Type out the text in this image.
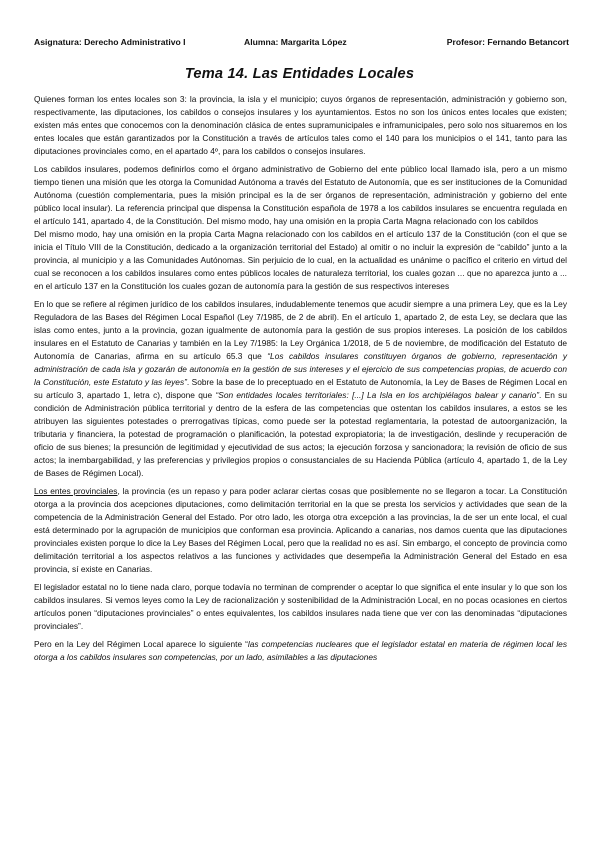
Asignatura: Derecho Administrativo I	Alumna: Margarita López	Profesor: Fernando Betancort
Tema 14. Las Entidades Locales

Quienes forman los entes locales son 3: la provincia, la isla y el municipio; cuyos órganos de representación, administración y gobierno son, respectivamente, las diputaciones, los cabildos o consejos insulares y los ayuntamientos. Estos no son los únicos entes locales que existen; existen más entes que conocemos con la denominación clásica de entes supramunicipales e inframunicipales, pero solo nos situaremos en los entes locales que están garantizados por la Constitución a través de artículos tales como el 140 para los municipios o el 141, tanto para las diputaciones provinciales como, en el apartado 4º, para los cabildos o consejos insulares.

Los cabildos insulares, podemos definirlos como el órgano administrativo de Gobierno del ente público local llamado isla, pero a un mismo tiempo tienen una misión que les otorga la Comunidad Autónoma a través del Estatuto de Autonomía, que es ser instituciones de la Comunidad Autónoma (cuestión complementaria, pues la misión principal es la de ser órganos de representación, administración y gobierno del ente público local insular). La referencia principal que dispensa la Constitución española de 1978 a los cabildos insulares se encuentra regulada en el artículo 141, apartado 4, de la Constitución. Del mismo modo, hay una omisión en la propia Carta Magna relacionado con los cabildos

Del mismo modo, hay una omisión en la propia Carta Magna relacionado con los cabildos en el artículo 137 de la Constitución (con el que se inicia el Título VIII de la Constitución, dedicado a la organización territorial del Estado) al omitir o no incluir la expresión de “cabildo” junto a la provincia, al municipio y a las Comunidades Autónomas. Sin perjuicio de lo cual, en la actualidad es unánime o pacífico el criterio en virtud del cual se reconocen a los cabildos insulares como entes públicos locales de naturaleza territorial, los cuales gozan ... que no aparezca junto a ... en el artículo 137 en la Constitución los cuales gozan de autonomía para la gestión de sus respectivos intereses

En lo que se refiere al régimen jurídico de los cabildos insulares, indudablemente tenemos que acudir siempre a una primera Ley, que es la Ley Reguladora de las Bases del Régimen Local Español (Ley 7/1985, de 2 de abril). En el artículo 1, apartado 2, de esta Ley, se declara que las islas como entes, junto a la provincia, gozan igualmente de autonomía para la gestión de sus propios intereses. La posición de los cabildos insulares en el Estatuto de Canarias y también en la Ley 7/1985: la Ley Orgánica 1/2018, de 5 de noviembre, de modificación del Estatuto de Autonomía de Canarias, afirma en su artículo 65.3 que “Los cabildos insulares constituyen órganos de gobierno, representación y administración de cada isla y gozarán de autonomía en la gestión de sus intereses y el ejercicio de sus competencias propias, de acuerdo con la Constitución, este Estatuto y las leyes”. Sobre la base de lo preceptuado en el Estatuto de Autonomía, la Ley de Bases de Régimen Local en su artículo 3, apartado 1, letra c), dispone que “Son entidades locales territoriales: [...] La Isla en los archipiélagos balear y canario”. En su condición de Administración pública territorial y dentro de la esfera de las competencias que ostentan los cabildos insulares, a estos se les atribuyen las siguientes potestades o prerrogativas típicas, como puede ser la potestad reglamentaria, la potestad de autoorganización, la tributaria y financiera, la potestad de programación o planificación, la potestad expropiatoria; la de investigación, deslinde y recuperación de oficio de sus bienes; la presunción de legitimidad y ejecutividad de sus actos; la ejecución forzosa y sancionadora; la revisión de oficio de sus actos; la inembargabilidad, y las preferencias y privilegios propios o consustanciales de su Hacienda Pública (artículo 4, apartado 1, de la Ley de Bases de Régimen Local).

Los entes provinciales, la provincia (es un repaso y para poder aclarar ciertas cosas que posiblemente no se llegaron a tocar. La Constitución otorga a la provincia dos acepciones diputaciones, como delimitación territorial en la que se presta los servicios y actividades que sean de la competencia de la Administración General del Estado. Por otro lado, les otorga otra excepción a las provincias, la de ser un ente local, el cual está determinado por la agrupación de municipios que conforman esa provincia. Aplicando a canarias, nos damos cuenta que las diputaciones provinciales existen porque lo dice la Ley Bases del Régimen Local, pero que la realidad no es así. Sin embargo, el concepto de provincia como delimitación territorial a los aspectos relativos a las funciones y actividades que desempeña la Administración General del Estado en esa provincia, sí existe en Canarias.

El legislador estatal no lo tiene nada claro, porque todavía no terminan de comprender o aceptar lo que significa el ente insular y lo que son los cabildos insulares. Si vemos leyes como la Ley de racionalización y sostenibilidad de la Administración Local, en no pocas ocasiones en ciertos artículos ponen “diputaciones provinciales” o entes equivalentes, los cabildos insulares nada tiene que ver con las denominadas “diputaciones provinciales”.

Pero en la Ley del Régimen Local aparece lo siguiente “las competencias nucleares que el legislador estatal en materia de régimen local les otorga a los cabildos insulares son competencias, por un lado, asimilables a las diputaciones
